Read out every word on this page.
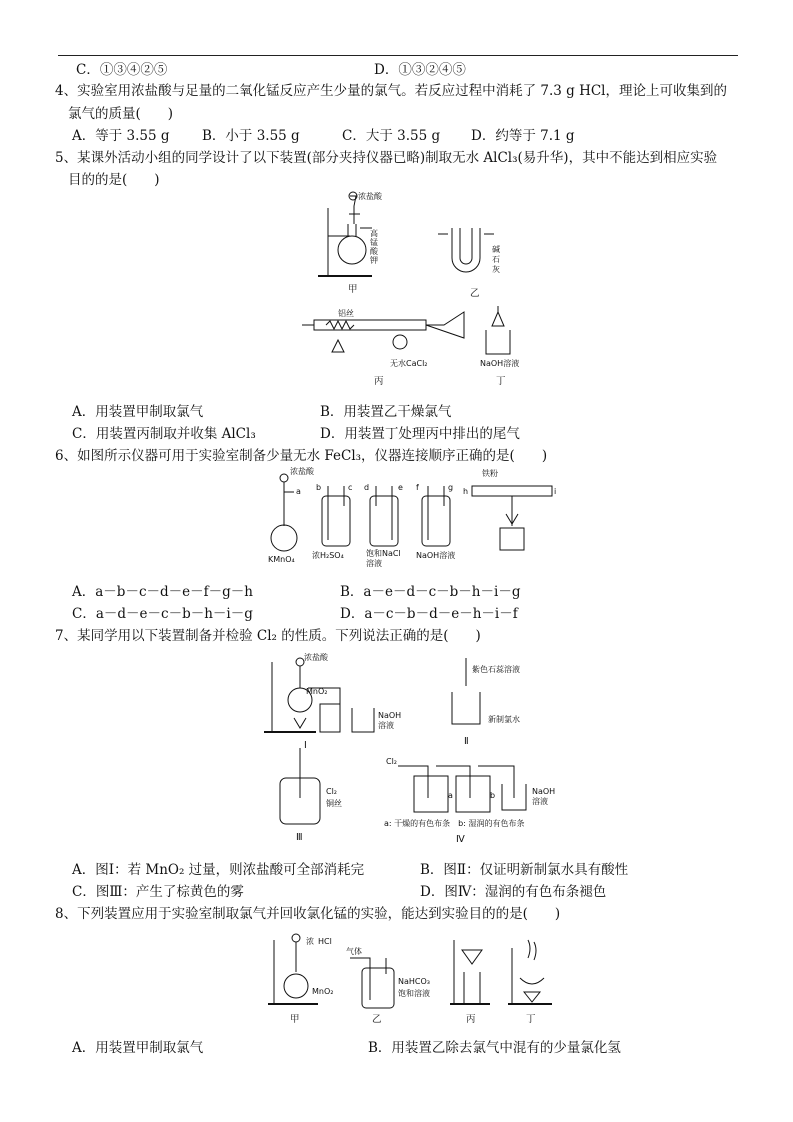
C．①③④②⑤	D．①③②④⑤
4、实验室用浓盐酸与足量的二氧化锰反应产生少量的氯气。若反应过程中消耗了 7.3 g HCl，理论上可收集到的
氯气的质量(　　)
A．等于 3.55 g B．小于 3.55 g	C．大于 3.55 g D．约等于 7.1 g
5、某课外活动小组的同学设计了以下装置(部分夹持仪器已略)制取无水 AlCl₃(易升华)，其中不能达到相应实验
目的的是(　　)
浓盐酸
高
锰
酸
钾
甲
碱
石
灰
乙
铝丝
无水CaCl₂
丙
NaOH溶液
丁
A．用装置甲制取氯气	B．用装置乙干燥氯气
C．用装置丙制取并收集 AlCl₃	D．用装置丁处理丙中排出的尾气
6、如图所示仪器可用于实验室制备少量无水 FeCl₃，仪器连接顺序正确的是(　　)
浓盐酸
a
KMnO₄
b	c
浓H₂SO₄
d	e
饱和NaCl
溶液
f	g
NaOH溶液
铁粉
h	i
A．a－b－c－d－e－f－g－h	B．a－e－d－c－b－h－i－g
C．a－d－e－c－b－h－i－g	D．a－c－b－d－e－h－i－f
7、某同学用以下装置制备并检验 Cl₂ 的性质。下列说法正确的是(　　)
浓盐酸
MnO₂
NaOH
溶液
Ⅰ
紫色石蕊溶液
新制氯水
Ⅱ
Cl₂
铜丝
Ⅲ
Cl₂
a	b	NaOH
溶液
a: 干燥的有色布条　b: 湿润的有色布条
Ⅳ
A．图Ⅰ：若 MnO₂ 过量，则浓盐酸可全部消耗完	B．图Ⅱ：仅证明新制氯水具有酸性
C．图Ⅲ：产生了棕黄色的雾	D．图Ⅳ：湿润的有色布条褪色
8、下列装置应用于实验室制取氯气并回收氯化锰的实验，能达到实验目的的是(　　)
浓 HCl
MnO₂
甲
气体
NaHCO₃
饱和溶液
乙	丙	丁
A．用装置甲制取氯气	B．用装置乙除去氯气中混有的少量氯化氢
